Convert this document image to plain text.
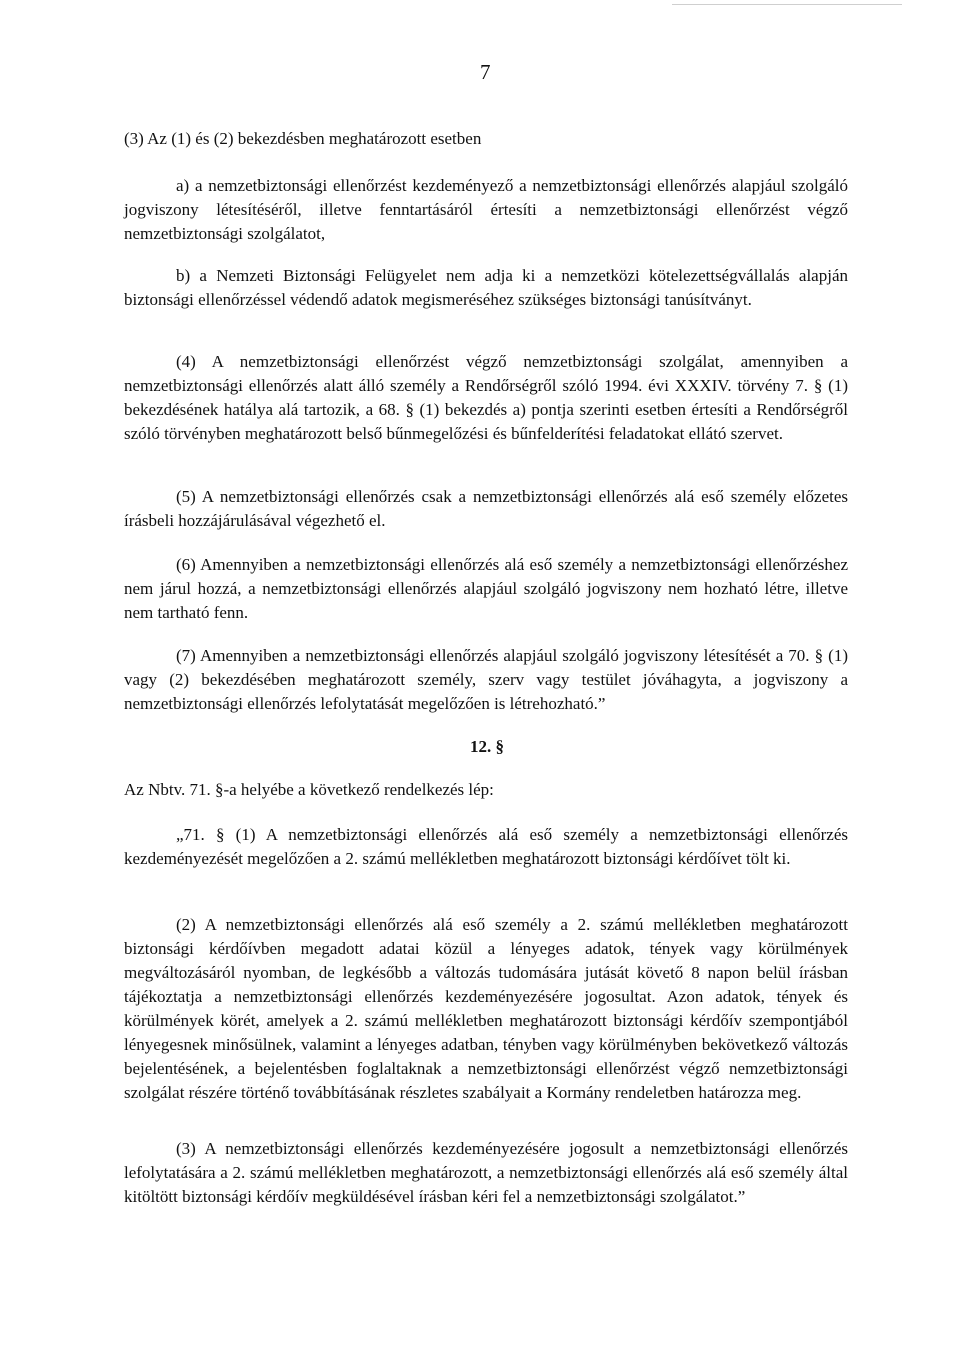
7

(3) Az (1) és (2) bekezdésben meghatározott esetben

a) a nemzetbiztonsági ellenőrzést kezdeményező a nemzetbiztonsági ellenőrzés alapjául szolgáló jogviszony létesítéséről, illetve fenntartásáról értesíti a nemzetbiztonsági ellenőrzést végző nemzetbiztonsági szolgálatot,

b) a Nemzeti Biztonsági Felügyelet nem adja ki a nemzetközi kötelezettségvállalás alapján biztonsági ellenőrzéssel védendő adatok megismeréséhez szükséges biztonsági tanúsítványt.

(4) A nemzetbiztonsági ellenőrzést végző nemzetbiztonsági szolgálat, amennyiben a nemzetbiztonsági ellenőrzés alatt álló személy a Rendőrségről szóló 1994. évi XXXIV. törvény 7. § (1) bekezdésének hatálya alá tartozik, a 68. § (1) bekezdés a) pontja szerinti esetben értesíti a Rendőrségről szóló törvényben meghatározott belső bűnmegelőzési és bűnfelderítési feladatokat ellátó szervet.

(5) A nemzetbiztonsági ellenőrzés csak a nemzetbiztonsági ellenőrzés alá eső személy előzetes írásbeli hozzájárulásával végezhető el.

(6) Amennyiben a nemzetbiztonsági ellenőrzés alá eső személy a nemzetbiztonsági ellenőrzéshez nem járul hozzá, a nemzetbiztonsági ellenőrzés alapjául szolgáló jogviszony nem hozható létre, illetve nem tartható fenn.

(7) Amennyiben a nemzetbiztonsági ellenőrzés alapjául szolgáló jogviszony létesítését a 70. § (1) vagy (2) bekezdésében meghatározott személy, szerv vagy testület jóváhagyta, a jogviszony a nemzetbiztonsági ellenőrzés lefolytatását megelőzően is létrehozható.”

12. §

Az Nbtv. 71. §-a helyébe a következő rendelkezés lép:

„71. § (1) A nemzetbiztonsági ellenőrzés alá eső személy a nemzetbiztonsági ellenőrzés kezdeményezését megelőzően a 2. számú mellékletben meghatározott biztonsági kérdőívet tölt ki.

(2) A nemzetbiztonsági ellenőrzés alá eső személy a 2. számú mellékletben meghatározott biztonsági kérdőívben megadott adatai közül a lényeges adatok, tények vagy körülmények megváltozásáról nyomban, de legkésőbb a változás tudomására jutását követő 8 napon belül írásban tájékoztatja a nemzetbiztonsági ellenőrzés kezdeményezésére jogosultat. Azon adatok, tények és körülmények körét, amelyek a 2. számú mellékletben meghatározott biztonsági kérdőív szempontjából lényegesnek minősülnek, valamint a lényeges adatban, tényben vagy körülményben bekövetkező változás bejelentésének, a bejelentésben foglaltaknak a nemzetbiztonsági ellenőrzést végző nemzetbiztonsági szolgálat részére történő továbbításának részletes szabályait a Kormány rendeletben határozza meg.

(3) A nemzetbiztonsági ellenőrzés kezdeményezésére jogosult a nemzetbiztonsági ellenőrzés lefolytatására a 2. számú mellékletben meghatározott, a nemzetbiztonsági ellenőrzés alá eső személy által kitöltött biztonsági kérdőív megküldésével írásban kéri fel a nemzetbiztonsági szolgálatot.”
